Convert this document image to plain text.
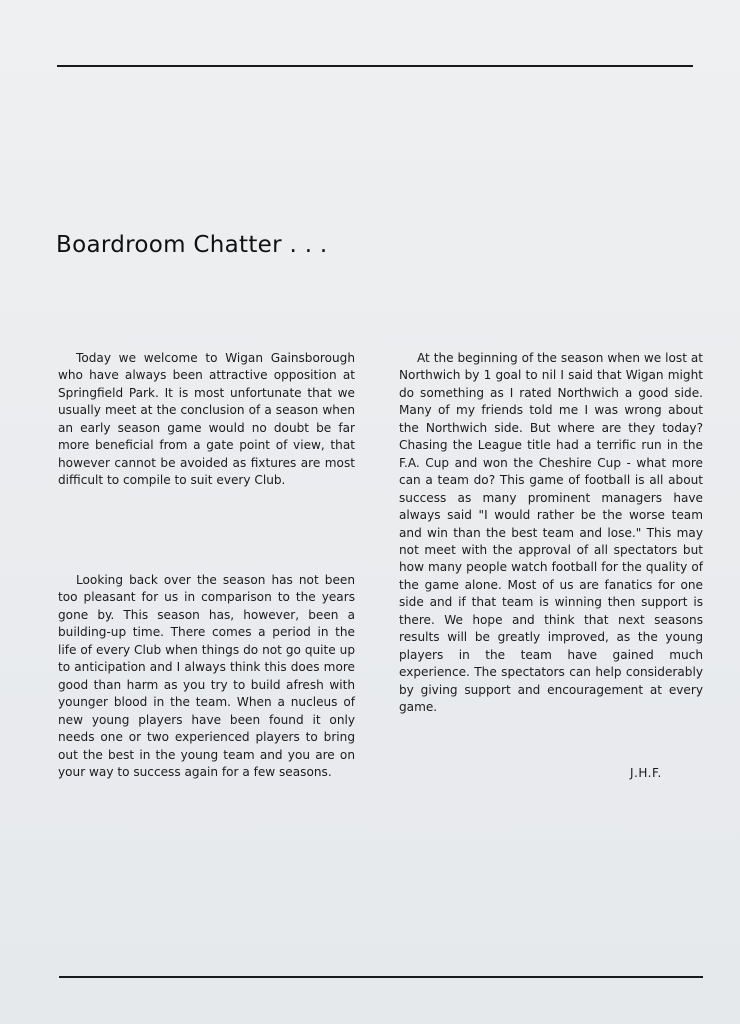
Boardroom Chatter . . .

Today we welcome to Wigan Gainsborough who have always been attractive opposition at Springfield Park. It is most unfortunate that we usually meet at the conclusion of a season when an early season game would no doubt be far more beneficial from a gate point of view, that however cannot be avoided as fixtures are most difficult to compile to suit every Club.

Looking back over the season has not been too pleasant for us in comparison to the years gone by. This season has, however, been a building-up time. There comes a period in the life of every Club when things do not go quite up to anticipation and I always think this does more good than harm as you try to build afresh with younger blood in the team. When a nucleus of new young players have been found it only needs one or two experienced players to bring out the best in the young team and you are on your way to success again for a few seasons.

At the beginning of the season when we lost at Northwich by 1 goal to nil I said that Wigan might do something as I rated Northwich a good side. Many of my friends told me I was wrong about the Northwich side. But where are they today? Chasing the League title had a terrific run in the F.A. Cup and won the Cheshire Cup - what more can a team do? This game of football is all about success as many prominent managers have always said "I would rather be the worse team and win than the best team and lose." This may not meet with the approval of all spectators but how many people watch football for the quality of the game alone. Most of us are fanatics for one side and if that team is winning then support is there. We hope and think that next seasons results will be greatly improved, as the young players in the team have gained much experience. The spectators can help considerably by giving support and encouragement at every game.

J.H.F.
